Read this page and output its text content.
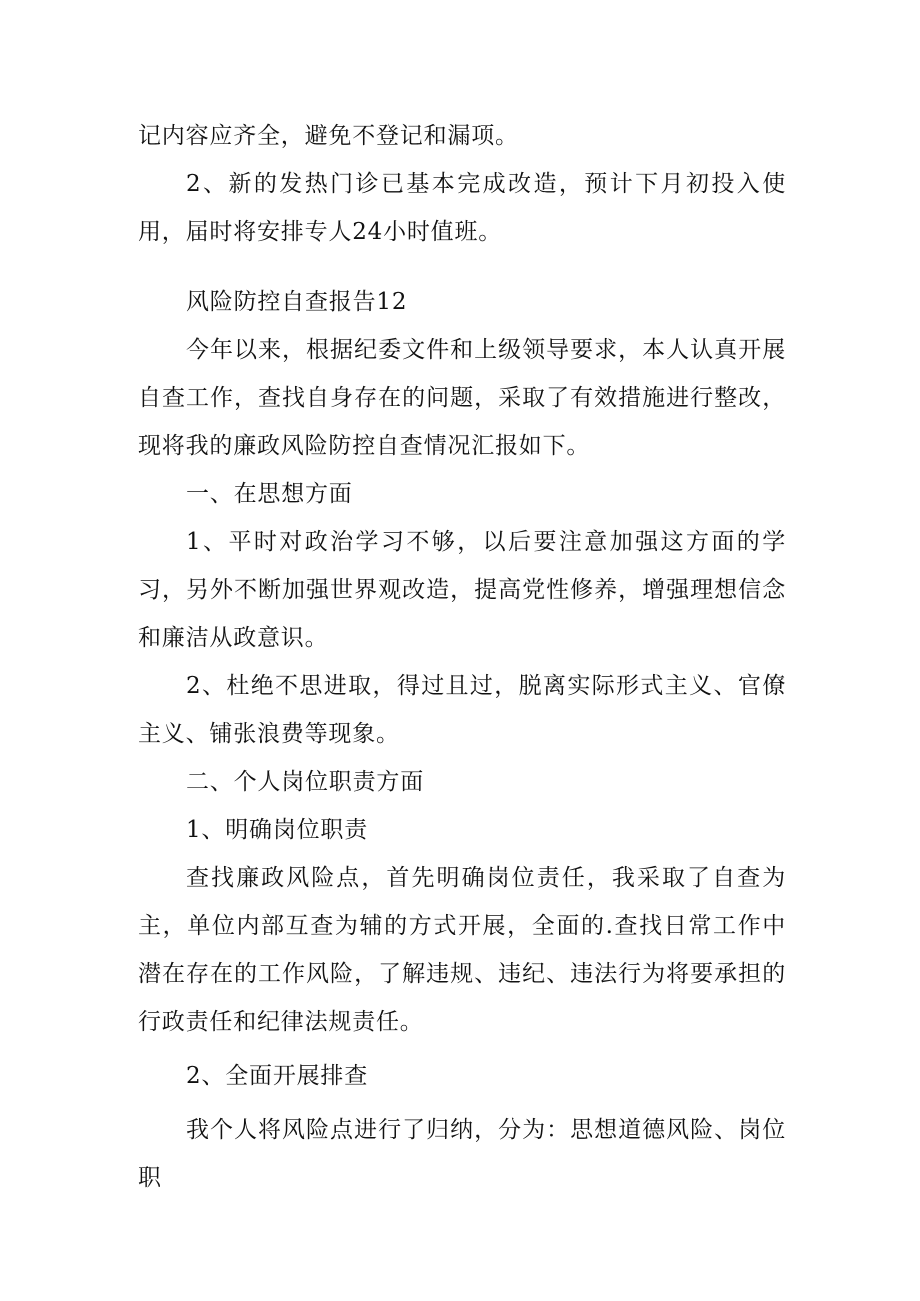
记内容应齐全，避免不登记和漏项。

2、新的发热门诊已基本完成改造，预计下月初投入使用，届时将安排专人24小时值班。

风险防控自查报告12

今年以来，根据纪委文件和上级领导要求，本人认真开展自查工作，查找自身存在的问题，采取了有效措施进行整改，现将我的廉政风险防控自查情况汇报如下。

一、在思想方面

1、平时对政治学习不够，以后要注意加强这方面的学习，另外不断加强世界观改造，提高党性修养，增强理想信念和廉洁从政意识。

2、杜绝不思进取，得过且过，脱离实际形式主义、官僚主义、铺张浪费等现象。

二、个人岗位职责方面

1、明确岗位职责

查找廉政风险点，首先明确岗位责任，我采取了自查为主，单位内部互查为辅的方式开展，全面的.查找日常工作中潜在存在的工作风险，了解违规、违纪、违法行为将要承担的行政责任和纪律法规责任。

2、全面开展排查

我个人将风险点进行了归纳，分为：思想道德风险、岗位职
